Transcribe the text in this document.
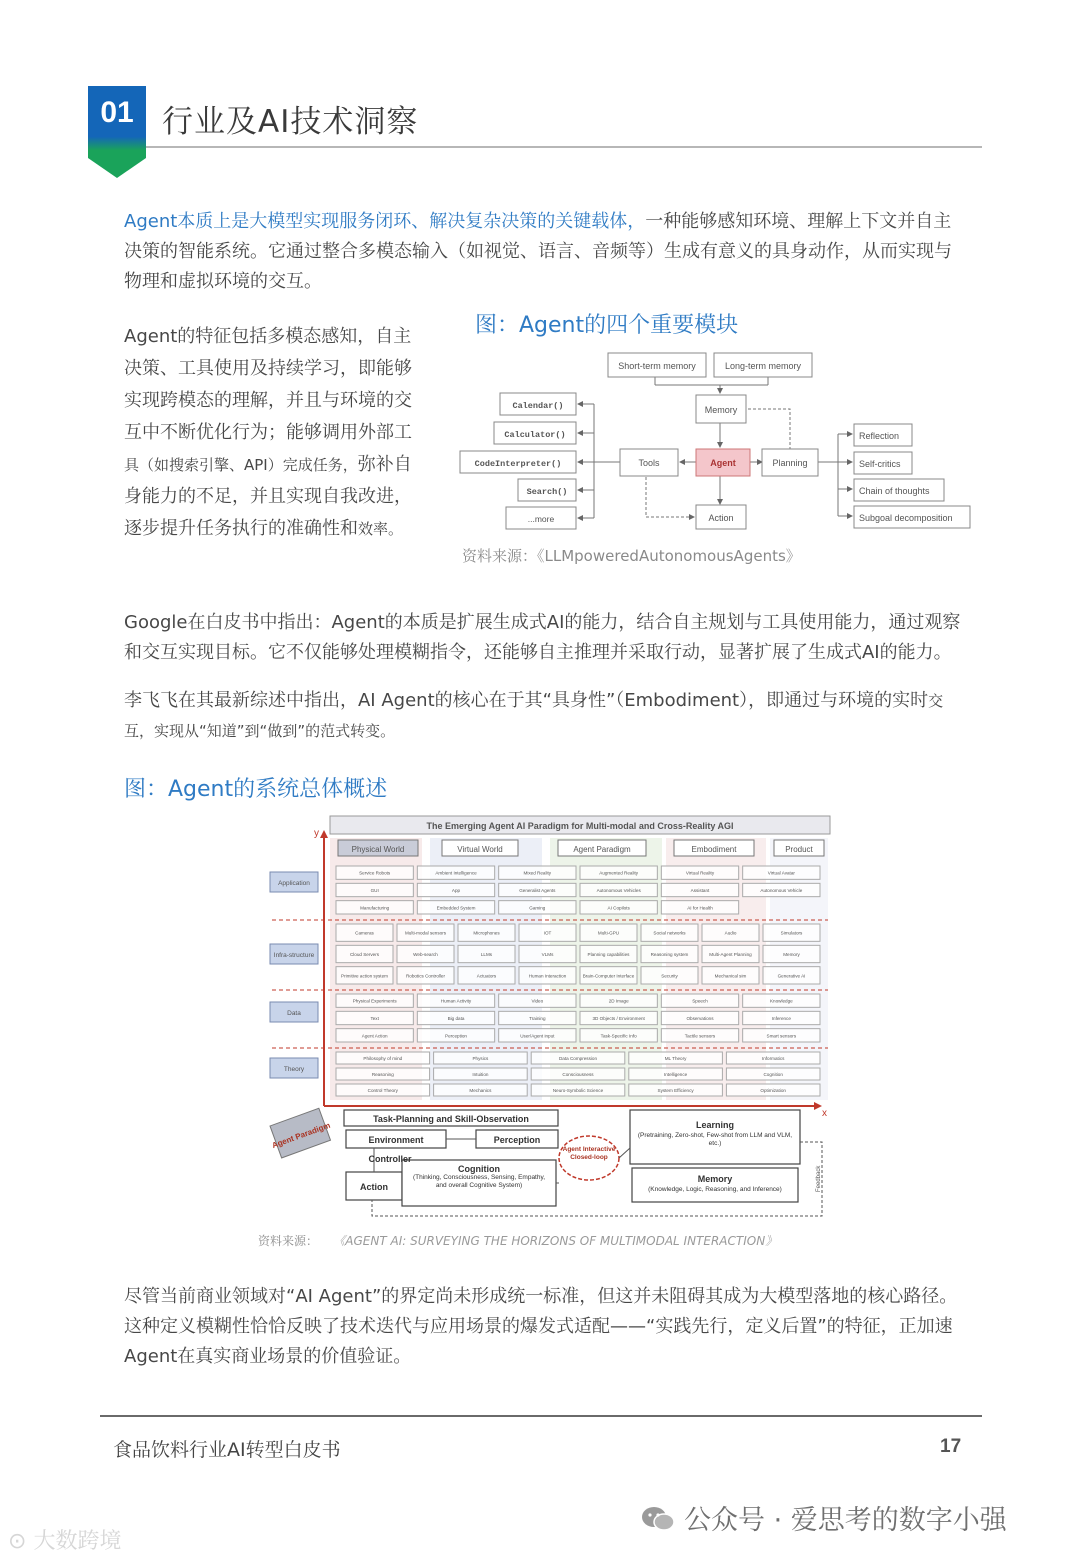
01 行业及AI技术洞察
Agent本质上是大模型实现服务闭环、解决复杂决策的关键载体，一种能够感知环境、理解上下文并自主决策的智能系统。它通过整合多模态输入（如视觉、语言、音频等）生成有意义的具身动作，从而实现与物理和虚拟环境的交互。
Agent的特征包括多模态感知，自主决策、工具使用及持续学习，即能够实现跨模态的理解，并且与环境的交互中不断优化行为；能够调用外部工具（如搜索引擎、API）完成任务，弥补自身能力的不足，并且实现自我改进，逐步提升任务执行的准确性和效率。
图：Agent的四个重要模块
Short-term memory	Long-term memory
Memory
Agent
Tools	Planning
Action
Calendar()
Calculator()
CodeInterpreter()
Search()
...more
Reflection
Self-critics
Chain of thoughts
Subgoal decomposition
资料来源：《LLMpoweredAutonomousAgents》
Google在白皮书中指出：Agent的本质是扩展生成式AI的能力，结合自主规划与工具使用能力，通过观察和交互实现目标。它不仅能够处理模糊指令，还能够自主推理并采取行动，显著扩展了生成式AI的能力。
李飞飞在其最新综述中指出，AI Agent的核心在于其“具身性”（Embodiment），即通过与环境的实时交互，实现从“知道”到“做到”的范式转变。
图：Agent的系统总体概述
The Emerging Agent AI Paradigm for Multi-modal and Cross-Reality AGI
y
x
Physical World	Virtual World	Agent Paradigm	Embodiment	Product
Application
Infra-structure
Data
Theory
Service Robots	Ambient Intelligence	Mixed Reality	Augmented Reality	Virtual Reality	Virtual Avatar
GUI	App	Generalist Agents	Autonomous Vehicles	Assistant	Autonomous Vehicle
Manufacturing	Embedded System	Gaming	AI Copilots	AI for Health
Cameras	Multi-modal sensors	Microphones	IOT	Multi-GPU	Social networks	Audio	Simulators
Cloud Servers	Web-search	LLMs	VLMs	Planning capabilities	Reasoning system	Multi-Agent Planning	Memory
Primitive action system	Robotics Controller	Actuators	Human Interaction	Brain-Computer Interface	Security	Mechanical sim	Generative AI
Physical Experiments	Human Activity	Video	2D Image	Speech	Knowledge
Text	Big data	Training	3D Objects / Environment	Observations	Inference
Agent Action	Perception	User/Agent input	Task-Specific Info	Tactile sensors	Smart sensors
Philosophy of mind	Physics	Data Compression	ML Theory	Informatics
Reasoning	Intuition	Consciousness	Intelligence	Cognition
Control Theory	Mechanics	Neuro-Symbolic Science	System Efficiency	Optimization
Agent Paradigm
Task-Planning and Skill-Observation
Environment	Perception
Controller
Action
Cognition
Learning
Memory
(Thinking, Consciousness, Sensing, Empathy, and overall Cognitive System)
Agent Interactive Closed-loop
(Pretraining, Zero-shot, Few-shot from LLM and VLM, etc.)
(Knowledge, Logic, Reasoning, and Inference)	Feedback
资料来源： 《AGENT AI: SURVEYING THE HORIZONS OF MULTIMODAL INTERACTION》
尽管当前商业领域对“AI Agent”的界定尚未形成统一标准，但这并未阻碍其成为大模型落地的核心路径。这种定义模糊性恰恰反映了技术迭代与应用场景的爆发式适配——“实践先行，定义后置”的特征，正加速Agent在真实商业场景的价值验证。
食品饮料行业AI转型白皮书	17
公众号 · 爱思考的数字小强
⊙ 大数跨境
